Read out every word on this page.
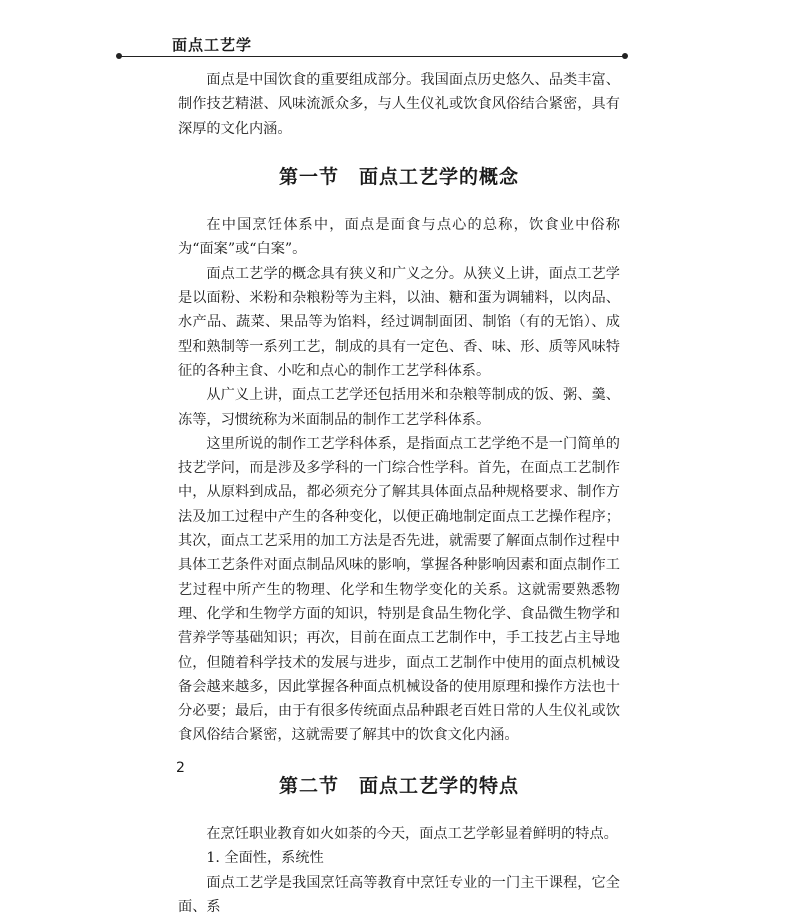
面点工艺学

面点是中国饮食的重要组成部分。我国面点历史悠久、品类丰富、制作技艺精湛、风味流派众多，与人生仪礼或饮食风俗结合紧密，具有深厚的文化内涵。

第一节　面点工艺学的概念

在中国烹饪体系中，面点是面食与点心的总称，饮食业中俗称为“面案”或“白案”。

面点工艺学的概念具有狭义和广义之分。从狭义上讲，面点工艺学是以面粉、米粉和杂粮粉等为主料，以油、糖和蛋为调辅料，以肉品、水产品、蔬菜、果品等为馅料，经过调制面团、制馅（有的无馅）、成型和熟制等一系列工艺，制成的具有一定色、香、味、形、质等风味特征的各种主食、小吃和点心的制作工艺学科体系。

从广义上讲，面点工艺学还包括用米和杂粮等制成的饭、粥、羹、冻等，习惯统称为米面制品的制作工艺学科体系。

这里所说的制作工艺学科体系，是指面点工艺学绝不是一门简单的技艺学问，而是涉及多学科的一门综合性学科。首先，在面点工艺制作中，从原料到成品，都必须充分了解其具体面点品种规格要求、制作方法及加工过程中产生的各种变化，以便正确地制定面点工艺操作程序；其次，面点工艺采用的加工方法是否先进，就需要了解面点制作过程中具体工艺条件对面点制品风味的影响，掌握各种影响因素和面点制作工艺过程中所产生的物理、化学和生物学变化的关系。这就需要熟悉物理、化学和生物学方面的知识，特别是食品生物化学、食品微生物学和营养学等基础知识；再次，目前在面点工艺制作中，手工技艺占主导地位，但随着科学技术的发展与进步，面点工艺制作中使用的面点机械设备会越来越多，因此掌握各种面点机械设备的使用原理和操作方法也十分必要；最后，由于有很多传统面点品种跟老百姓日常的人生仪礼或饮食风俗结合紧密，这就需要了解其中的饮食文化内涵。

第二节　面点工艺学的特点

在烹饪职业教育如火如荼的今天，面点工艺学彰显着鲜明的特点。

1. 全面性，系统性

面点工艺学是我国烹饪高等教育中烹饪专业的一门主干课程，它全面、系

2
